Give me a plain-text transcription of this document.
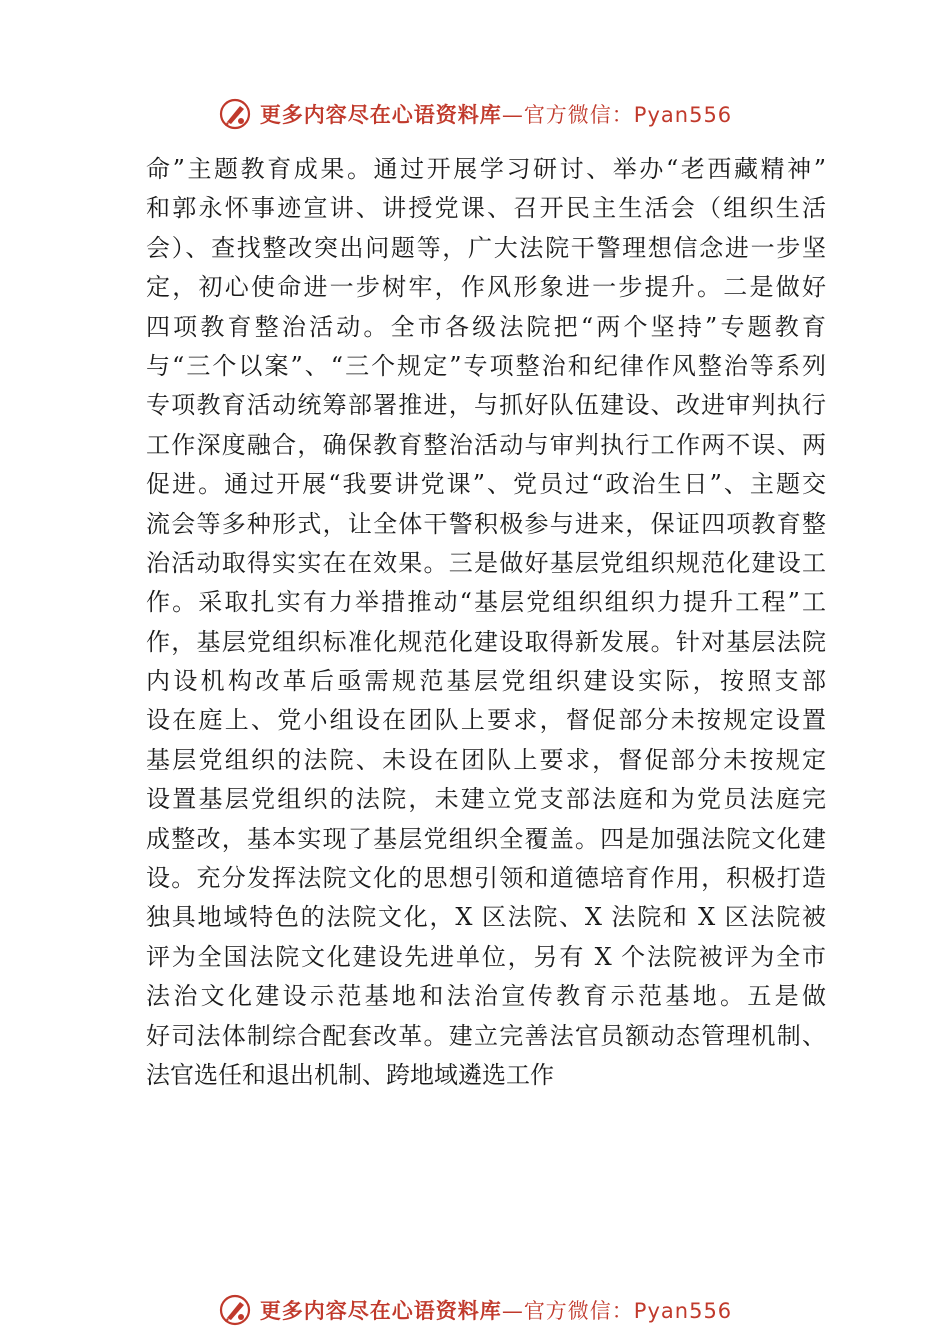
更多内容尽在心语资料库—官方微信：Pyan556
命”主题教育成果。通过开展学习研讨、举办“老西藏精神”
和郭永怀事迹宣讲、讲授党课、召开民主生活会（组织生活
会）、查找整改突出问题等，广大法院干警理想信念进一步坚
定，初心使命进一步树牢，作风形象进一步提升。二是做好
四项教育整治活动。全市各级法院把“两个坚持”专题教育
与“三个以案”、“三个规定”专项整治和纪律作风整治等系列
专项教育活动统筹部署推进，与抓好队伍建设、改进审判执行
工作深度融合，确保教育整治活动与审判执行工作两不误、两
促进。通过开展“我要讲党课”、党员过“政治生日”、主题交
流会等多种形式，让全体干警积极参与进来，保证四项教育整
治活动取得实实在在效果。三是做好基层党组织规范化建设工
作。采取扎实有力举措推动“基层党组织组织力提升工程”工
作，基层党组织标准化规范化建设取得新发展。针对基层法院
内设机构改革后亟需规范基层党组织建设实际，按照支部
设在庭上、党小组设在团队上要求，督促部分未按规定设置
基层党组织的法院、未设在团队上要求，督促部分未按规定
设置基层党组织的法院，未建立党支部法庭和为党员法庭完
成整改，基本实现了基层党组织全覆盖。四是加强法院文化建
设。充分发挥法院文化的思想引领和道德培育作用，积极打造
独具地域特色的法院文化，X 区法院、X 法院和 X 区法院被
评为全国法院文化建设先进单位，另有 X 个法院被评为全市
法治文化建设示范基地和法治宣传教育示范基地。五是做
好司法体制综合配套改革。建立完善法官员额动态管理机制、
法官选任和退出机制、跨地域遴选工作
更多内容尽在心语资料库—官方微信：Pyan556
